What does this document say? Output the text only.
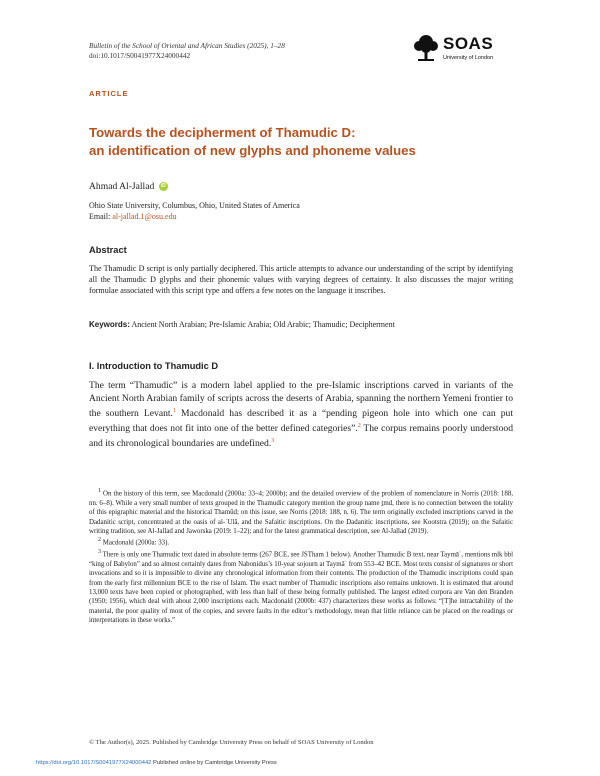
Bulletin of the School of Oriental and African Studies (2025), 1–28
doi:10.1017/S0041977X24000442
SOAS
University of London
ARTICLE
Towards the decipherment of Thamudic D:
an identification of new glyphs and phoneme values
Ahmad Al-Jallad iD
Ohio State University, Columbus, Ohio, United States of America
Email: al-jallad.1@osu.edu
Abstract
The Thamudic D script is only partially deciphered. This article attempts to advance our understanding of the script by identifying all the Thamudic D glyphs and their phonemic values with varying degrees of certainty. It also discusses the major writing formulae associated with this script type and offers a few notes on the language it inscribes.
Keywords: Ancient North Arabian; Pre-Islamic Arabia; Old Arabic; Thamudic; Decipherment
I. Introduction to Thamudic D
The term “Thamudic” is a modern label applied to the pre-Islamic inscriptions carved in variants of the Ancient North Arabian family of scripts across the deserts of Arabia, spanning the northern Yemeni frontier to the southern Levant.$^1$ Macdonald has described it as a “pending pigeon hole into which one can put everything that does not fit into one of the better defined categories”.$^2$ The corpus remains poorly understood and its chronological boundaries are undefined.$^3$

$^1$ On the history of this term, see Macdonald (2000a: 33–4; 2000b); and the detailed overview of the problem of nomenclature in Norris (2018: 188, nn. 6–8). While a very small number of texts grouped in the Thamudic category mention the group name ṯmd, there is no connection between the totality of this epigraphic material and the historical Thamūd; on this issue, see Norris (2018: 188, n. 6). The term originally excluded inscriptions carved in the Dadanitic script, concentrated at the oasis of al-ʿUlā, and the Safaitic inscriptions. On the Dadanitic inscriptions, see Kootstra (2019); on the Safaitic writing tradition, see Al-Jallad and Jaworska (2019: 1–22); and for the latest grammatical description, see Al-Jallad (2019).

$^2$ Macdonald (2000a: 33).

$^3$ There is only one Thamudic text dated in absolute terms (267 BCE, see JSTham 1 below). Another Thamudic B text, near Taymāʾ, mentions mlk bbl “king of Babylon” and so almost certainly dates from Nabonidus’s 10-year sojourn at Taymāʾ from 553–42 BCE. Most texts consist of signatures or short invocations and so it is impossible to divine any chronological information from their contents. The production of the Thamudic inscriptions could span from the early first millennium BCE to the rise of Islam. The exact number of Thamudic inscriptions also remains unknown. It is estimated that around 13,000 texts have been copied or photographed, with less than half of these being formally published. The largest edited corpora are Van den Branden (1950; 1956), which deal with about 2,000 inscriptions each. Macdonald (2000b: 437) characterizes these works as follows: “[T]he intractability of the material, the poor quality of most of the copies, and severe faults in the editor’s methodology, mean that little reliance can be placed on the readings or interpretations in these works.”

© The Author(s), 2025. Published by Cambridge University Press on behalf of SOAS University of London
https://doi.org/10.1017/S0041977X24000442 Published online by Cambridge University Press
